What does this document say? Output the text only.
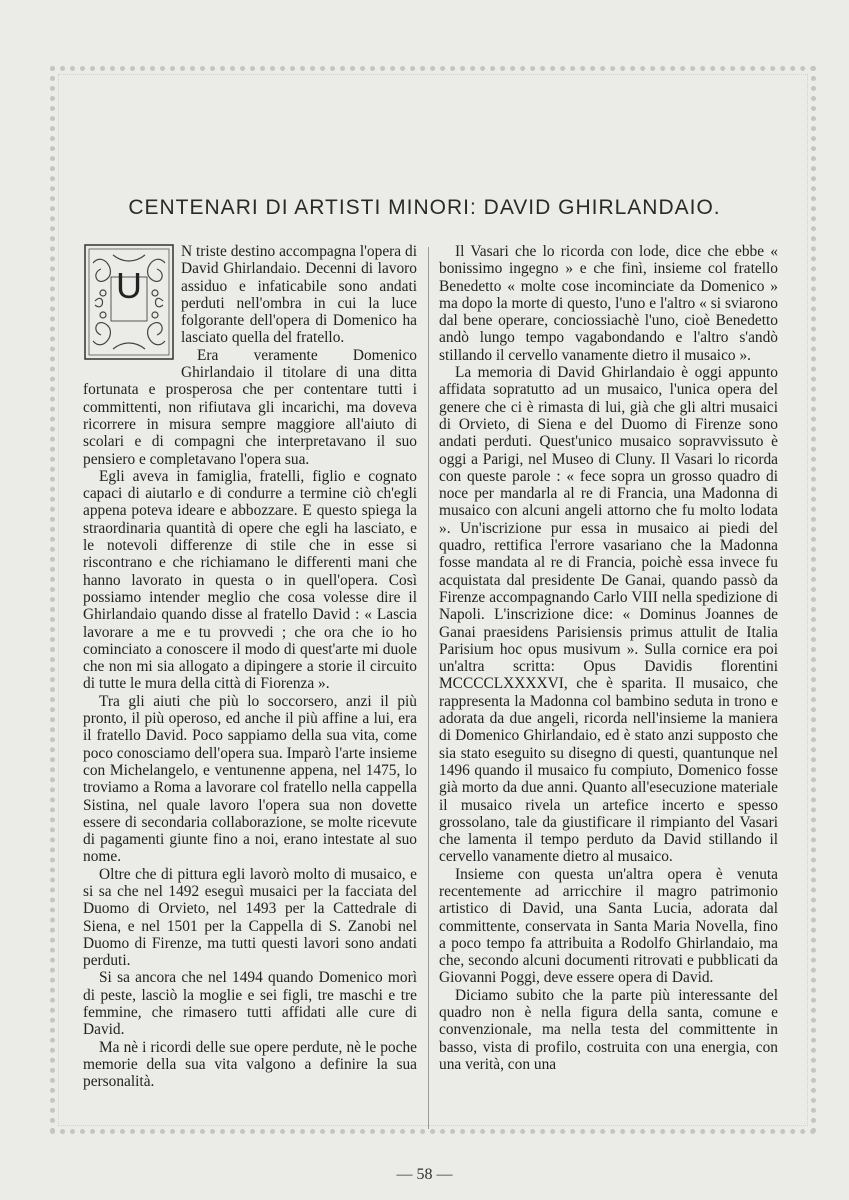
CENTENARI DI ARTISTI MINORI: DAVID GHIRLANDAIO.
U

N triste destino accompagna l'opera di David Ghirlandaio. Decenni di lavoro assiduo e infaticabile sono andati perduti nell'ombra in cui la luce folgorante dell'opera di Domenico ha lasciato quella del fratello.

Era veramente Domenico Ghirlandaio il titolare di una ditta fortunata e prosperosa che per contentare tutti i committenti, non rifiutava gli incarichi, ma doveva ricorrere in misura sempre maggiore all'aiuto di scolari e di compagni che interpretavano il suo pensiero e completavano l'opera sua.

Egli aveva in famiglia, fratelli, figlio e cognato capaci di aiutarlo e di condurre a termine ciò ch'egli appena poteva ideare e abbozzare. E questo spiega la straordinaria quantità di opere che egli ha lasciato, e le notevoli differenze di stile che in esse si riscontrano e che richiamano le differenti mani che hanno lavorato in questa o in quell'opera. Così possiamo intender meglio che cosa volesse dire il Ghirlandaio quando disse al fratello David : « Lascia lavorare a me e tu provvedi ; che ora che io ho cominciato a conoscere il modo di quest'arte mi duole che non mi sia allogato a dipingere a storie il circuito di tutte le mura della città di Fiorenza ».

Tra gli aiuti che più lo soccorsero, anzi il più pronto, il più operoso, ed anche il più affine a lui, era il fratello David. Poco sappiamo della sua vita, come poco conosciamo dell'opera sua. Imparò l'arte insieme con Michelangelo, e ventunenne appena, nel 1475, lo troviamo a Roma a lavorare col fratello nella cappella Sistina, nel quale lavoro l'opera sua non dovette essere di secondaria collaborazione, se molte ricevute di pagamenti giunte fino a noi, erano intestate al suo nome.

Oltre che di pittura egli lavorò molto di musaico, e si sa che nel 1492 eseguì musaici per la facciata del Duomo di Orvieto, nel 1493 per la Cattedrale di Siena, e nel 1501 per la Cappella di S. Zanobi nel Duomo di Firenze, ma tutti questi lavori sono andati perduti.

Si sa ancora che nel 1494 quando Domenico morì di peste, lasciò la moglie e sei figli, tre maschi e tre femmine, che rimasero tutti affidati alle cure di David.

Ma nè i ricordi delle sue opere perdute, nè le poche memorie della sua vita valgono a definire la sua personalità.

Il Vasari che lo ricorda con lode, dice che ebbe « bonissimo ingegno » e che finì, insieme col fratello Benedetto « molte cose incominciate da Domenico » ma dopo la morte di questo, l'uno e l'altro « si sviarono dal bene operare, conciossiachè l'uno, cioè Benedetto andò lungo tempo vagabondando e l'altro s'andò stillando il cervello vanamente dietro il musaico ».

La memoria di David Ghirlandaio è oggi appunto affidata sopratutto ad un musaico, l'unica opera del genere che ci è rimasta di lui, già che gli altri musaici di Orvieto, di Siena e del Duomo di Firenze sono andati perduti. Quest'unico musaico sopravvissuto è oggi a Parigi, nel Museo di Cluny. Il Vasari lo ricorda con queste parole : « fece sopra un grosso quadro di noce per mandarla al re di Francia, una Madonna di musaico con alcuni angeli attorno che fu molto lodata ». Un'iscrizione pur essa in musaico ai piedi del quadro, rettifica l'errore vasariano che la Madonna fosse mandata al re di Francia, poichè essa invece fu acquistata dal presidente De Ganai, quando passò da Firenze accompagnando Carlo VIII nella spedizione di Napoli. L'inscrizione dice: « Dominus Joannes de Ganai praesidens Parisiensis primus attulit de Italia Parisium hoc opus musivum ». Sulla cornice era poi un'altra scritta: Opus Davidis florentini MCCCCLXXXXVI, che è sparita. Il musaico, che rappresenta la Madonna col bambino seduta in trono e adorata da due angeli, ricorda nell'insieme la maniera di Domenico Ghirlandaio, ed è stato anzi supposto che sia stato eseguito su disegno di questi, quantunque nel 1496 quando il musaico fu compiuto, Domenico fosse già morto da due anni. Quanto all'esecuzione materiale il musaico rivela un artefice incerto e spesso grossolano, tale da giustificare il rimpianto del Vasari che lamenta il tempo perduto da David stillando il cervello vanamente dietro al musaico.

Insieme con questa un'altra opera è venuta recentemente ad arricchire il magro patrimonio artistico di David, una Santa Lucia, adorata dal committente, conservata in Santa Maria Novella, fino a poco tempo fa attribuita a Rodolfo Ghirlandaio, ma che, secondo alcuni documenti ritrovati e pubblicati da Giovanni Poggi, deve essere opera di David.

Diciamo subito che la parte più interessante del quadro non è nella figura della santa, comune e convenzionale, ma nella testa del committente in basso, vista di profilo, costruita con una energia, con una verità, con una

— 58 —
